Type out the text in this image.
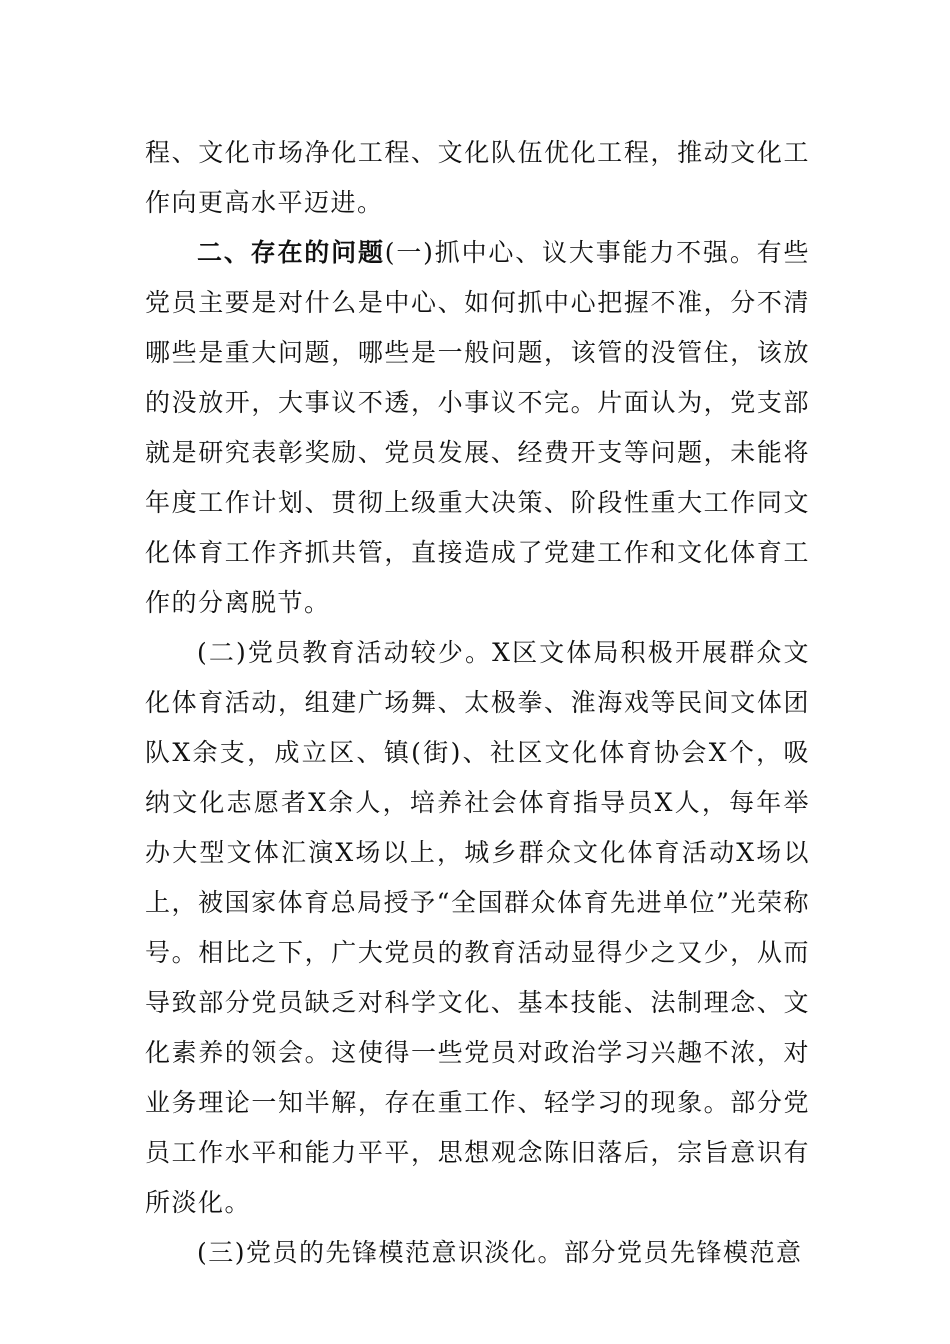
程、文化市场净化工程、文化队伍优化工程，推动文化工作向更高水平迈进。

二、存在的问题(一)抓中心、议大事能力不强。有些党员主要是对什么是中心、如何抓中心把握不准，分不清哪些是重大问题，哪些是一般问题，该管的没管住，该放的没放开，大事议不透，小事议不完。片面认为，党支部就是研究表彰奖励、党员发展、经费开支等问题，未能将年度工作计划、贯彻上级重大决策、阶段性重大工作同文化体育工作齐抓共管，直接造成了党建工作和文化体育工作的分离脱节。

(二)党员教育活动较少。X区文体局积极开展群众文化体育活动，组建广场舞、太极拳、淮海戏等民间文体团队X余支，成立区、镇(街)、社区文化体育协会X个，吸纳文化志愿者X余人，培养社会体育指导员X人，每年举办大型文体汇演X场以上，城乡群众文化体育活动X场以上，被国家体育总局授予“全国群众体育先进单位”光荣称号。相比之下，广大党员的教育活动显得少之又少，从而导致部分党员缺乏对科学文化、基本技能、法制理念、文化素养的领会。这使得一些党员对政治学习兴趣不浓，对业务理论一知半解，存在重工作、轻学习的现象。部分党员工作水平和能力平平，思想观念陈旧落后，宗旨意识有所淡化。

(三)党员的先锋模范意识淡化。部分党员先锋模范意
